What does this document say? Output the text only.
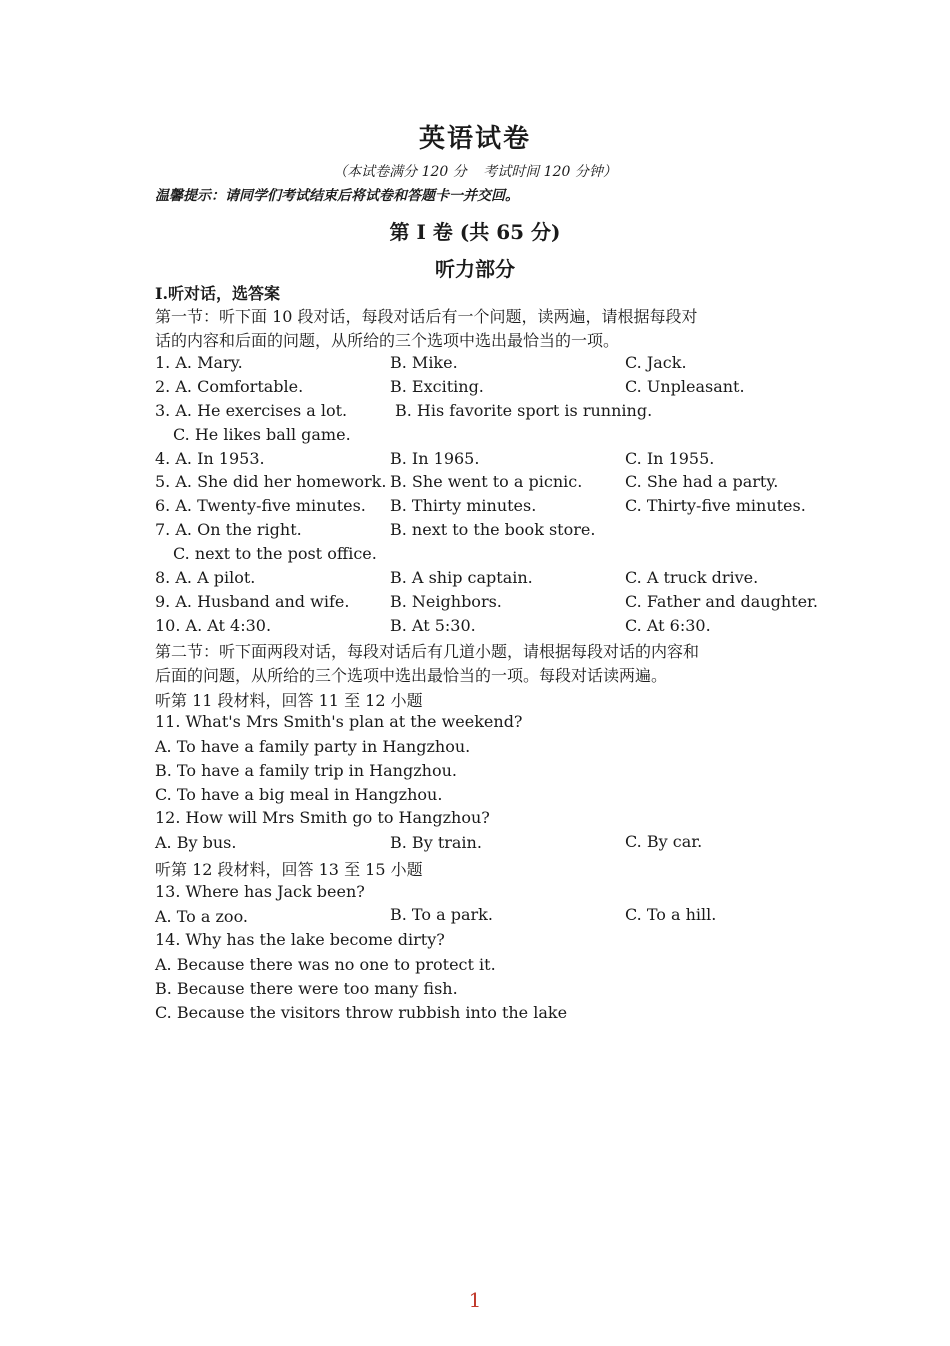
英语试卷
（本试卷满分 120 分 考试时间 120 分钟）
温馨提示：请同学们考试结束后将试卷和答题卡一并交回。
第 I 卷 (共 65 分)
听力部分
I.听对话，选答案
第一节：听下面 10 段对话，每段对话后有一个问题，读两遍，请根据每段对
话的内容和后面的问题，从所给的三个选项中选出最恰当的一项。
1. A. Mary.	B. Mike.	C. Jack.
2. A. Comfortable.	B. Exciting.	C. Unpleasant.
3. A. He exercises a lot.	B. His favorite sport is running.
C. He likes ball game.
4. A. In 1953.	B. In 1965.	C. In 1955.
5. A. She did her homework. B. She went to a picnic.	C. She had a party.
6. A. Twenty-five minutes. B. Thirty minutes.	C. Thirty-five minutes.
7. A. On the right.	B. next to the book store.
C. next to the post office.
8. A. A pilot.	B. A ship captain.	C. A truck drive.
9. A. Husband and wife.	B. Neighbors.	C. Father and daughter.
10. A. At 4:30.	B. At 5:30.	C. At 6:30.
第二节：听下面两段对话，每段对话后有几道小题，请根据每段对话的内容和
后面的问题，从所给的三个选项中选出最恰当的一项。每段对话读两遍。
听第 11 段材料，回答 11 至 12 小题
11. What's Mrs Smith's plan at the weekend?
A. To have a family party in Hangzhou.
B. To have a family trip in Hangzhou.
C. To have a big meal in Hangzhou.
12. How will Mrs Smith go to Hangzhou?
A. By bus.	B. By train.	C. By car.
听第 12 段材料，回答 13 至 15 小题
13. Where has Jack been?
A. To a zoo.	B. To a park.	C. To a hill.
14. Why has the lake become dirty?
A. Because there was no one to protect it.
B. Because there were too many fish.
C. Because the visitors throw rubbish into the lake
1
